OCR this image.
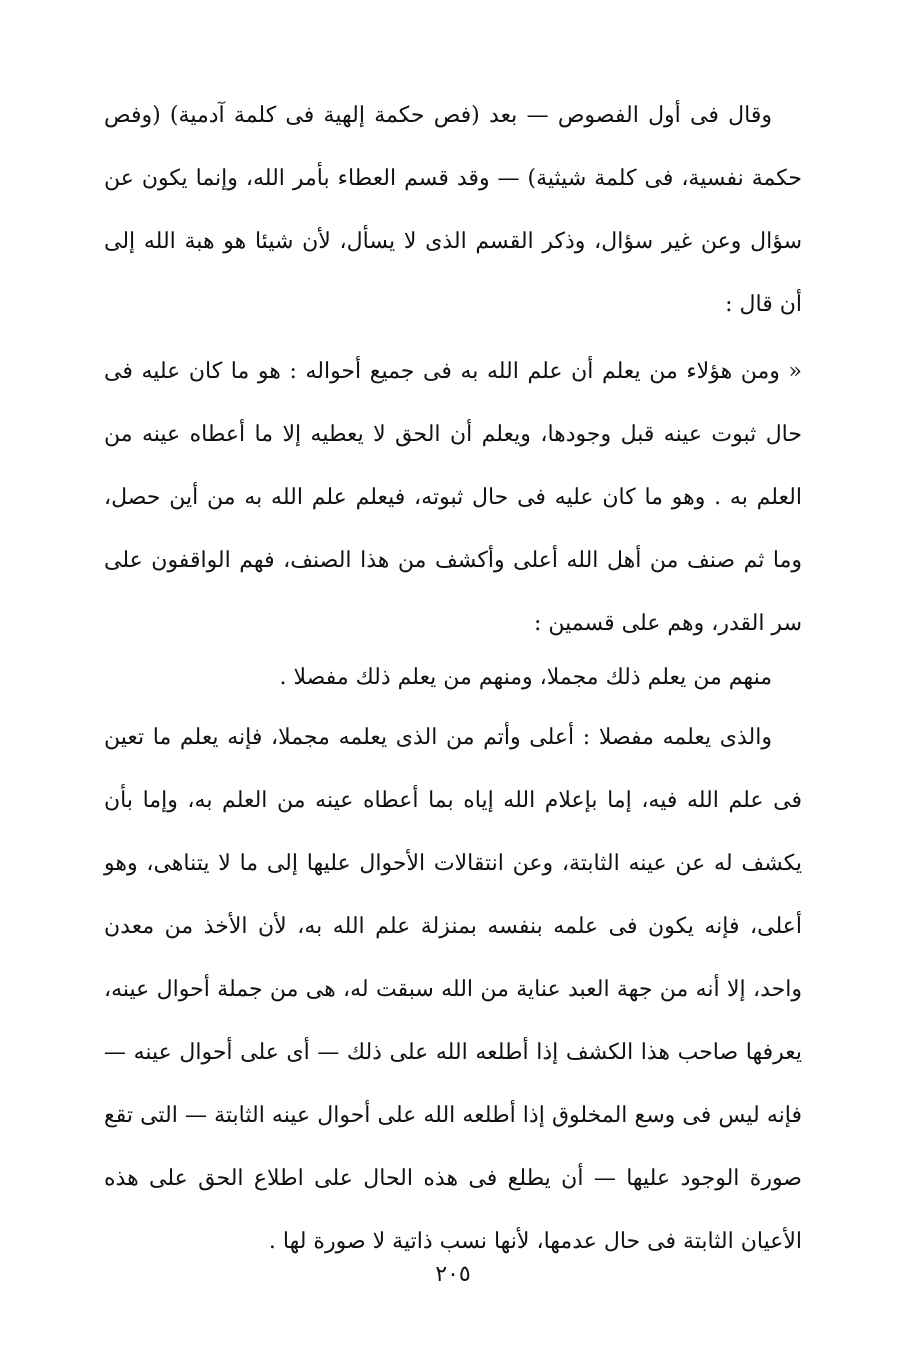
وقال فى أول الفصوص — بعد (فص حكمة إلهية فى كلمة آدمية) (وفص حكمة نفسية، فى كلمة شيثية) — وقد قسم العطاء بأمر الله، وإنما يكون عن سؤال وعن غير سؤال، وذكر القسم الذى لا يسأل، لأن شيئا هو هبة الله إلى أن قال :

« ومن هؤلاء من يعلم أن علم الله به فى جميع أحواله : هو ما كان عليه فى حال ثبوت عينه قبل وجودها، ويعلم أن الحق لا يعطيه إلا ما أعطاه عينه من العلم به . وهو ما كان عليه فى حال ثبوته، فيعلم علم الله به من أين حصل، وما ثم صنف من أهل الله أعلى وأكشف من هذا الصنف، فهم الواقفون على سر القدر، وهم على قسمين :

منهم من يعلم ذلك مجملا، ومنهم من يعلم ذلك مفصلا .

والذى يعلمه مفصلا : أعلى وأتم من الذى يعلمه مجملا، فإنه يعلم ما تعين فى علم الله فيه، إما بإعلام الله إياه بما أعطاه عينه من العلم به، وإما بأن يكشف له عن عينه الثابتة، وعن انتقالات الأحوال عليها إلى ما لا يتناهى، وهو أعلى، فإنه يكون فى علمه بنفسه بمنزلة علم الله به، لأن الأخذ من معدن واحد، إلا أنه من جهة العبد عناية من الله سبقت له، هى من جملة أحوال عينه، يعرفها صاحب هذا الكشف إذا أطلعه الله على ذلك — أى على أحوال عينه — فإنه ليس فى وسع المخلوق إذا أطلعه الله على أحوال عينه الثابتة — التى تقع صورة الوجود عليها — أن يطلع فى هذه الحال على اطلاع الحق على هذه الأعيان الثابتة فى حال عدمها، لأنها نسب ذاتية لا صورة لها .

٢٠٥
